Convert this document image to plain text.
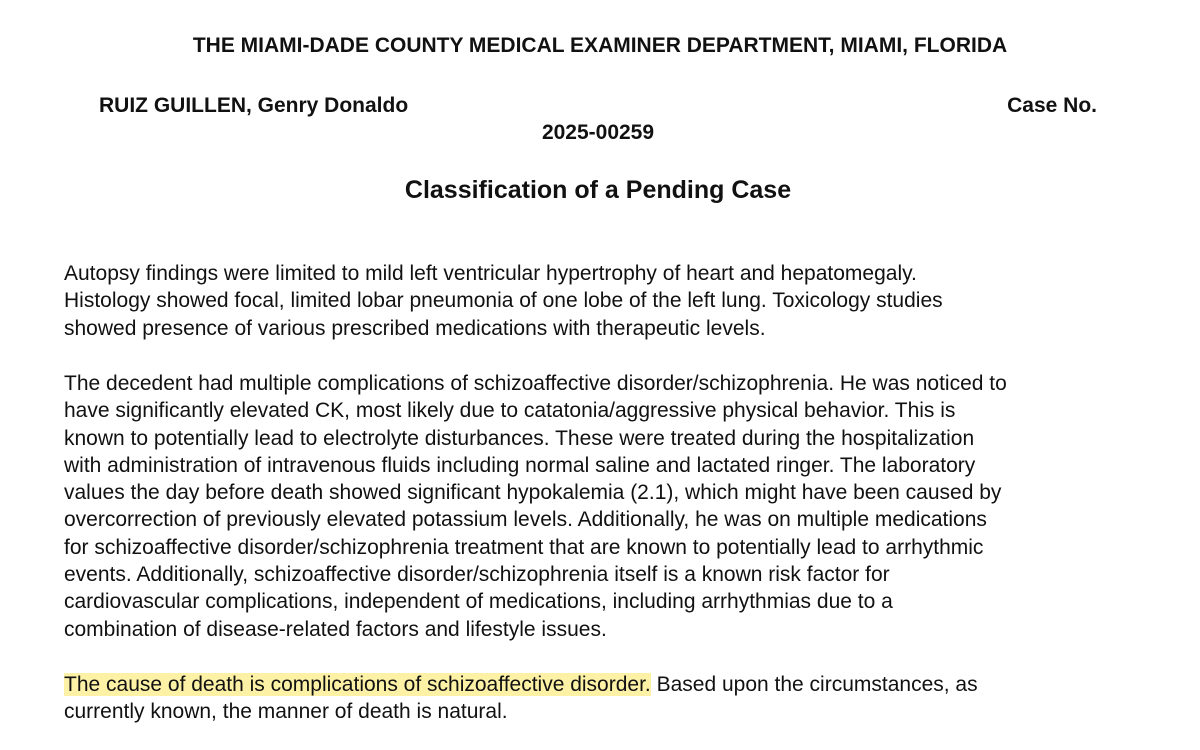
THE MIAMI-DADE COUNTY MEDICAL EXAMINER DEPARTMENT, MIAMI, FLORIDA
RUIZ GUILLEN, Genry Donaldo	Case No.
2025-00259
Classification of a Pending Case

Autopsy findings were limited to mild left ventricular hypertrophy of heart and hepatomegaly.
Histology showed focal, limited lobar pneumonia of one lobe of the left lung. Toxicology studies
showed presence of various prescribed medications with therapeutic levels.

The decedent had multiple complications of schizoaffective disorder/schizophrenia. He was noticed to
have significantly elevated CK, most likely due to catatonia/aggressive physical behavior. This is
known to potentially lead to electrolyte disturbances. These were treated during the hospitalization
with administration of intravenous fluids including normal saline and lactated ringer. The laboratory
values the day before death showed significant hypokalemia (2.1), which might have been caused by
overcorrection of previously elevated potassium levels. Additionally, he was on multiple medications
for schizoaffective disorder/schizophrenia treatment that are known to potentially lead to arrhythmic
events. Additionally, schizoaffective disorder/schizophrenia itself is a known risk factor for
cardiovascular complications, independent of medications, including arrhythmias due to a
combination of disease-related factors and lifestyle issues.

The cause of death is complications of schizoaffective disorder. Based upon the circumstances, as
currently known, the manner of death is natural.
